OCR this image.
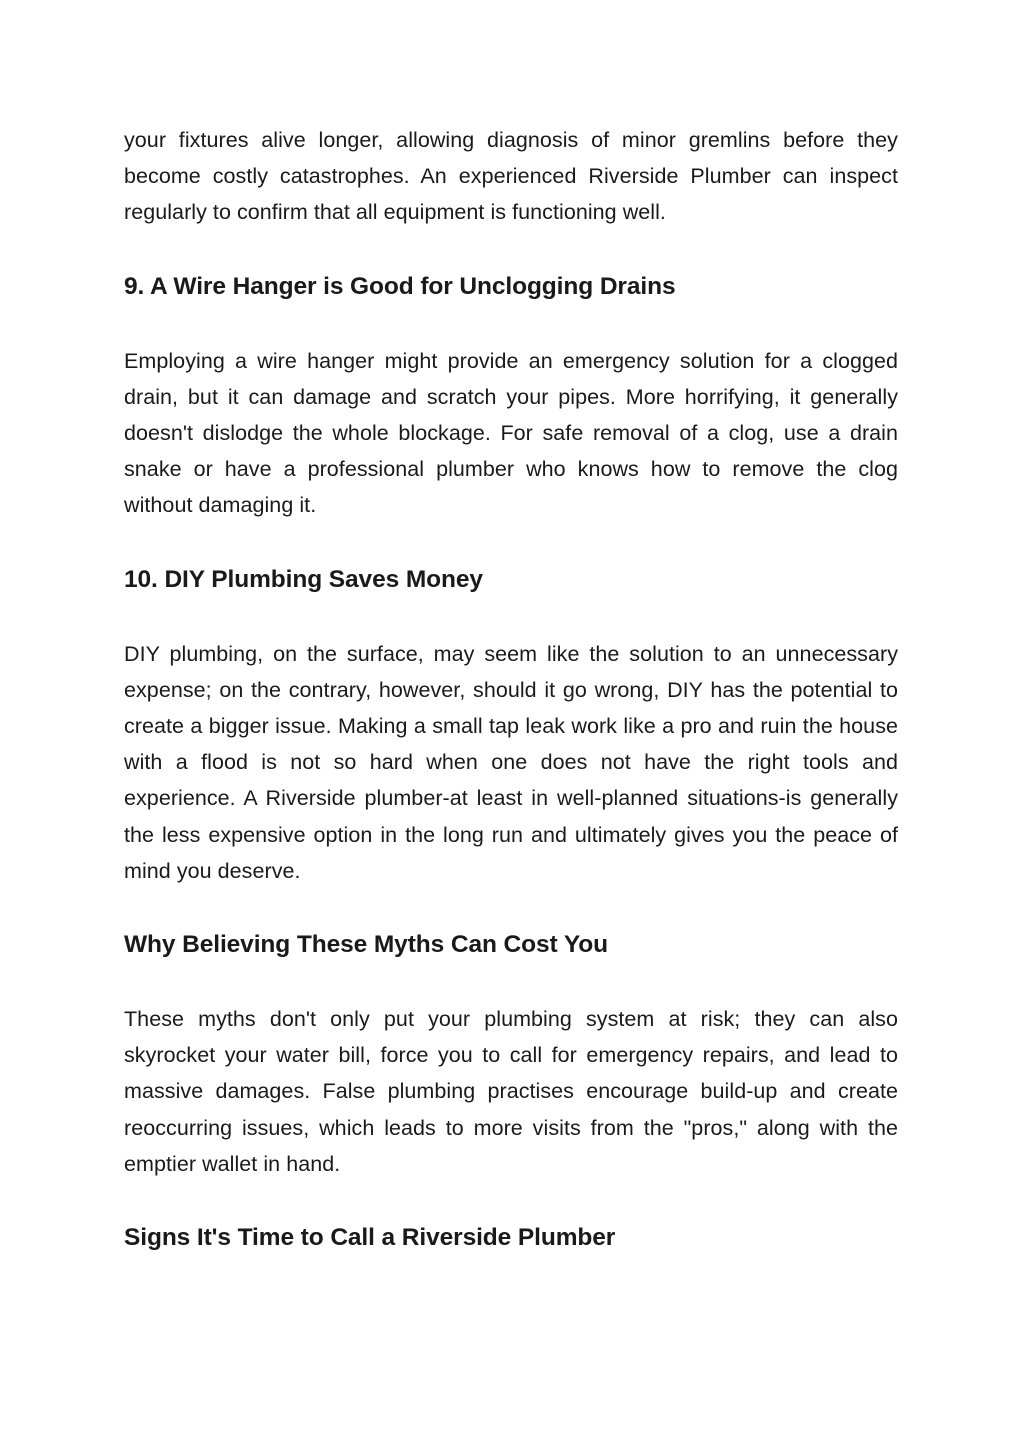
your fixtures alive longer, allowing diagnosis of minor gremlins before they become costly catastrophes. An experienced Riverside Plumber can inspect regularly to confirm that all equipment is functioning well.

9. A Wire Hanger is Good for Unclogging Drains

Employing a wire hanger might provide an emergency solution for a clogged drain, but it can damage and scratch your pipes. More horrifying, it generally doesn't dislodge the whole blockage. For safe removal of a clog, use a drain snake or have a professional plumber who knows how to remove the clog without damaging it.

10. DIY Plumbing Saves Money

DIY plumbing, on the surface, may seem like the solution to an unnecessary expense; on the contrary, however, should it go wrong, DIY has the potential to create a bigger issue. Making a small tap leak work like a pro and ruin the house with a flood is not so hard when one does not have the right tools and experience. A Riverside plumber-at least in well-planned situations-is generally the less expensive option in the long run and ultimately gives you the peace of mind you deserve.

Why Believing These Myths Can Cost You

These myths don't only put your plumbing system at risk; they can also skyrocket your water bill, force you to call for emergency repairs, and lead to massive damages. False plumbing practises encourage build-up and create reoccurring issues, which leads to more visits from the "pros," along with the emptier wallet in hand.

Signs It's Time to Call a Riverside Plumber
